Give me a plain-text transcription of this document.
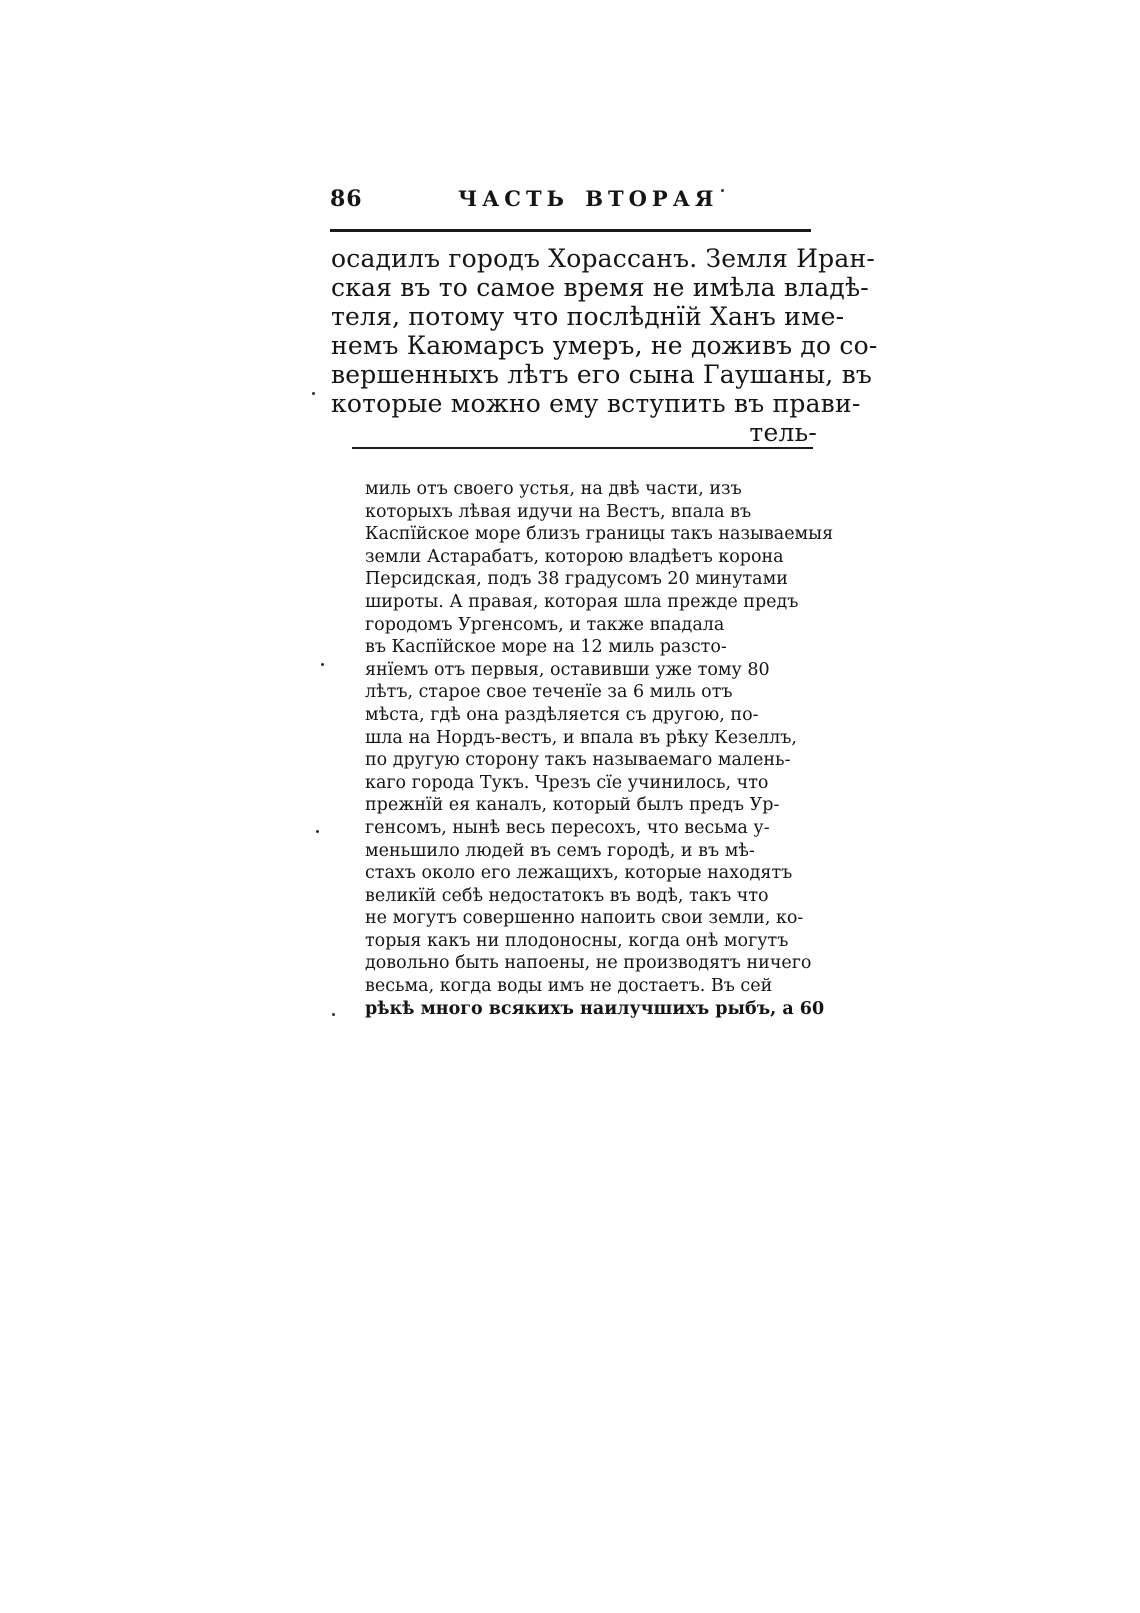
86	ЧАСТЬ ВТОРАЯ
осадилъ городъ Хорассанъ. Земля Иран-
ская въ то самое время не имѣла владѣ-
теля, потому что послѣднїй Ханъ име-
немъ Каюмарсъ умеръ, не доживъ до со-
вершенныхъ лѣтъ его сына Гаушаны, въ
которые можно ему вступить въ прави-
тель-
миль отъ своего устья, на двѣ части, изъ
которыхъ лѣвая идучи на Вестъ, впала въ
Каспїйское море близъ границы такъ называемыя
земли Астарабатъ, которою владѣетъ корона
Персидская, подъ 38 градусомъ 20 минутами
широты. А правая, которая шла прежде предъ
городомъ Ургенсомъ, и также впадала
въ Каспїйское море на 12 миль разсто-
янїемъ отъ первыя, оставивши уже тому 80
лѣтъ, старое свое теченїе за 6 миль отъ
мѣста, гдѣ она раздѣляется съ другою, по-
шла на Нордъ-вестъ, и впала въ рѣку Кезеллъ,
по другую сторону такъ называемаго малень-
каго города Тукъ. Чрезъ сїе учинилось, что
прежнїй ея каналъ, который былъ предъ Ур-
генсомъ, нынѣ весь пересохъ, что весьма у-
меньшило людей въ семъ городѣ, и въ мѣ-
стахъ около его лежащихъ, которые находятъ
великїй себѣ недостатокъ въ водѣ, такъ что
не могутъ совершенно напоить свои земли, ко-
торыя какъ ни плодоносны, когда онѣ могутъ
довольно быть напоены, не производятъ ничего
весьма, когда воды имъ не достаетъ. Въ сей
рѣкѣ много всякихъ наилучшихъ рыбъ, а 60
